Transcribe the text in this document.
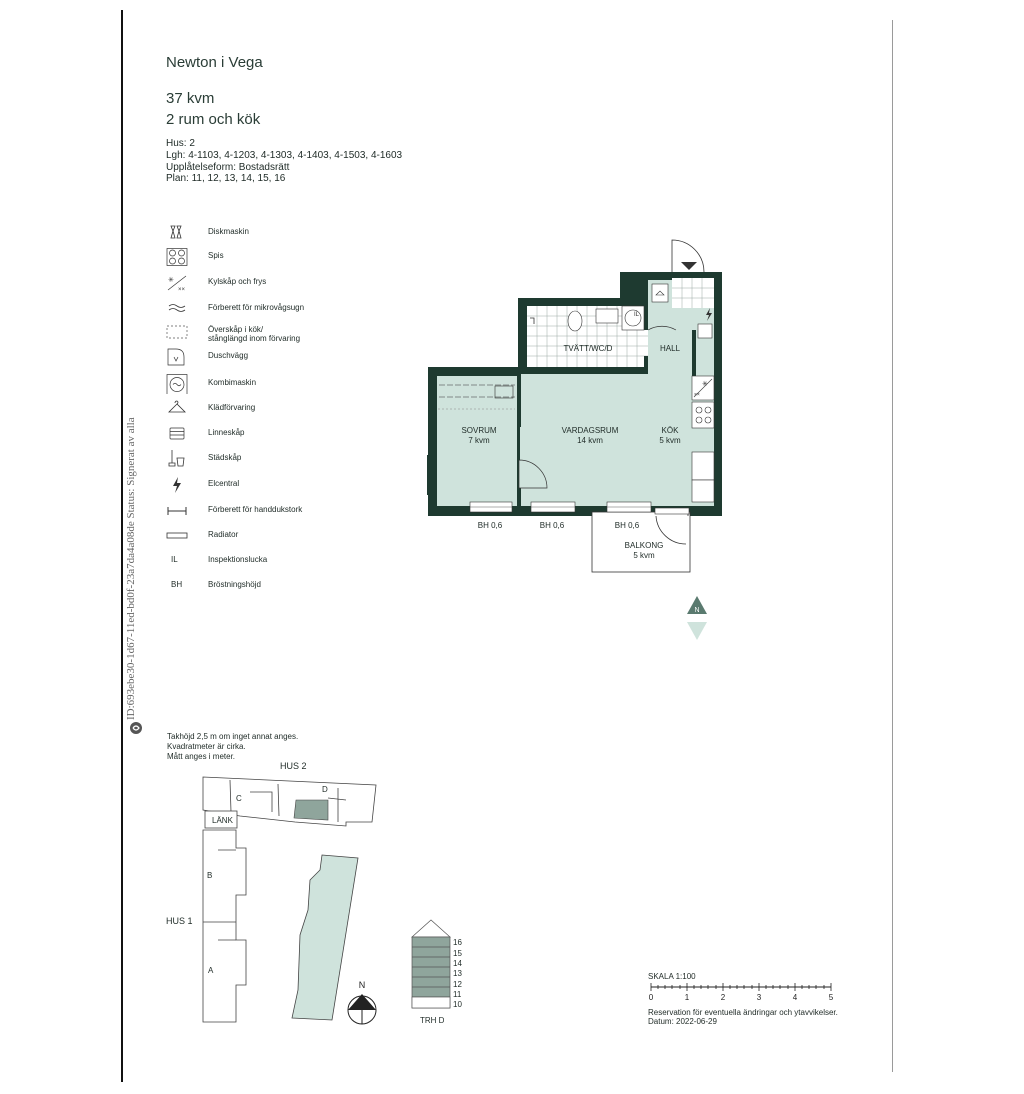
Newton i Vega
37 kvm
2 rum och kök
Hus: 2
Lgh: 4-1103, 4-1203, 4-1303, 4-1403, 4-1503, 4-1603
Upplåtelseform: Bostadsrätt
Plan: 11, 12, 13, 14, 15, 16
Diskmaskin
Spis
✳
××
Kylskåp och frys
Förberett för mikrovågsugn
Överskåp i kök/
stånglängd inom förvaring
Duschvägg
Kombimaskin
Klädförvaring
Linneskåp
Städskåp
Elcentral
Förberett för handdukstork
Radiator
IL	Inspektionslucka
BH	Bröstningshöjd
ID:693ebe30-1d67-11ed-bd0f-23a7da4a08de Status: Signerat av alla
✳
××
IL
TVÄTT/WC/D	HALL
SOVRUM
7 kvm
VARDAGSRUM
14 kvm
KÖK
5 kvm
BALKONG
5 kvm
BH 0,6	BH 0,6	BH 0,6
N
Takhöjd 2,5 m om inget annat anges.
Kvadratmeter är cirka.
Mått anges i meter.
HUS 2
HUS 1
LÄNK
A
B
C
D
N
16
15
14
13
12
11
10
TRH D
SKALA 1:100
0	1	2	3	4	5
Reservation för eventuella ändringar och ytavvikelser.
Datum: 2022-06-29
